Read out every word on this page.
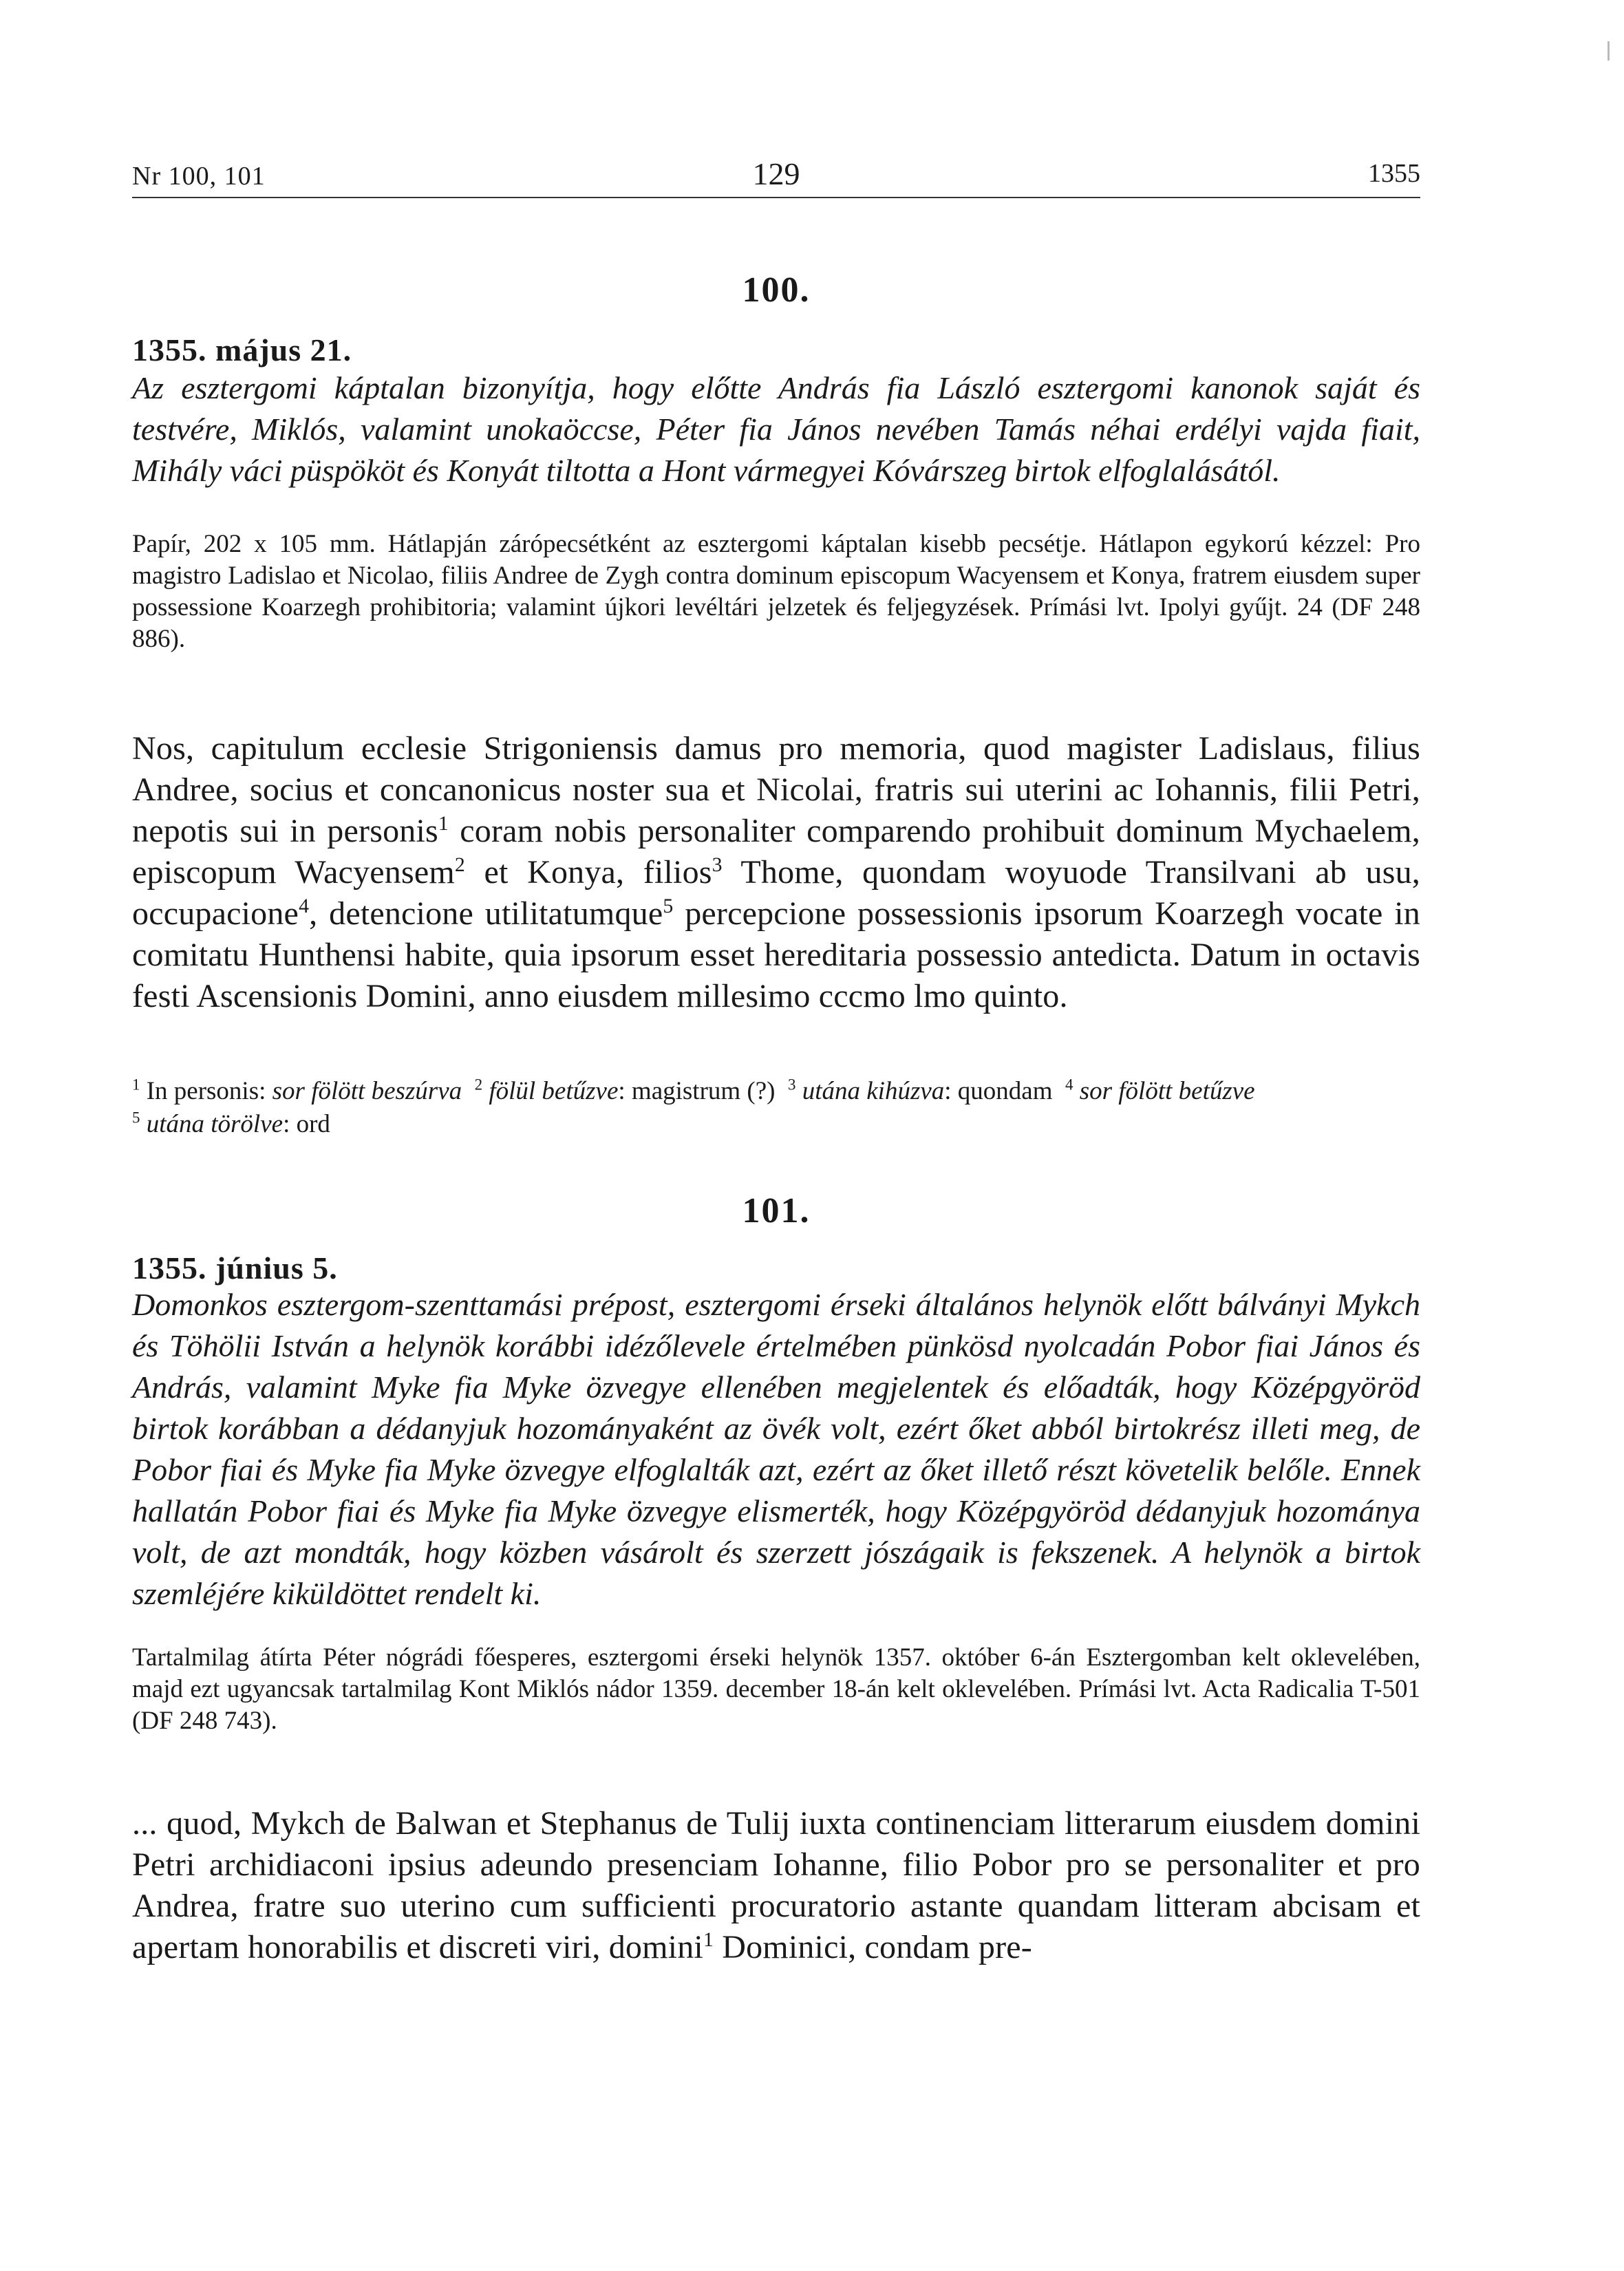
Nr 100, 101	129	1355
100.
1355. május 21.
Az esztergomi káptalan bizonyítja, hogy előtte András fia László esztergomi kanonok saját és testvére, Miklós, valamint unokaöccse, Péter fia János nevében Tamás néhai erdélyi vajda fiait, Mihály váci püspököt és Konyát tiltotta a Hont vármegyei Kóvárszeg birtok elfoglalásától.
Papír, 202 x 105 mm. Hátlapján zárópecsétként az esztergomi káptalan kisebb pecsétje. Hátlapon egykorú kézzel: Pro magistro Ladislao et Nicolao, filiis Andree de Zygh contra dominum episcopum Wacyensem et Konya, fratrem eiusdem super possessione Koarzegh prohibitoria; valamint újkori levéltári jelzetek és feljegyzések. Prímási lvt. Ipolyi gyűjt. 24 (DF 248 886).
Nos, capitulum ecclesie Strigoniensis damus pro memoria, quod magister Ladislaus, filius Andree, socius et concanonicus noster sua et Nicolai, fratris sui uterini ac Iohannis, filii Petri, nepotis sui in personis$^1$ coram nobis personaliter comparendo prohibuit dominum Mychaelem, episcopum Wacyensem$^2$ et Konya, filios$^3$ Thome, quondam woyuode Transilvani ab usu, occupacione$^4$, detencione utilitatumque$^5$ percepcione possessionis ipsorum Koarzegh vocate in comitatu Hunthensi habite, quia ipsorum esset hereditaria possessio antedicta. Datum in octavis festi Ascensionis Domini, anno eiusdem millesimo cccmo lmo quinto.
$^1$ In personis: sor fölött beszúrva $^2$ fölül betűzve: magistrum (?) $^3$ utána kihúzva: quondam $^4$ sor fölött betűzve
$^5$ utána törölve: ord
101.
1355. június 5.
Domonkos esztergom-szenttamási prépost, esztergomi érseki általános helynök előtt bálványi Mykch és Töhölii István a helynök korábbi idézőlevele értelmében pünkösd nyolcadán Pobor fiai János és András, valamint Myke fia Myke özvegye ellenében megjelentek és előadták, hogy Középgyöröd birtok korábban a dédanyjuk hozományaként az övék volt, ezért őket abból birtokrész illeti meg, de Pobor fiai és Myke fia Myke özvegye elfoglalták azt, ezért az őket illető részt követelik belőle. Ennek hallatán Pobor fiai és Myke fia Myke özvegye elismerték, hogy Középgyöröd dédanyjuk hozománya volt, de azt mondták, hogy közben vásárolt és szerzett jószágaik is fekszenek. A helynök a birtok szemléjére kiküldöttet rendelt ki.
Tartalmilag átírta Péter nógrádi főesperes, esztergomi érseki helynök 1357. október 6-án Esztergomban kelt oklevelében, majd ezt ugyancsak tartalmilag Kont Miklós nádor 1359. december 18-án kelt oklevelében. Prímási lvt. Acta Radicalia T-501 (DF 248 743).
... quod, Mykch de Balwan et Stephanus de Tulij iuxta continenciam litterarum eiusdem domini Petri archidiaconi ipsius adeundo presenciam Iohanne, filio Pobor pro se personaliter et pro Andrea, fratre suo uterino cum sufficienti procuratorio astante quandam litteram abcisam et apertam honorabilis et discreti viri, domini$^1$ Dominici, condam pre-
